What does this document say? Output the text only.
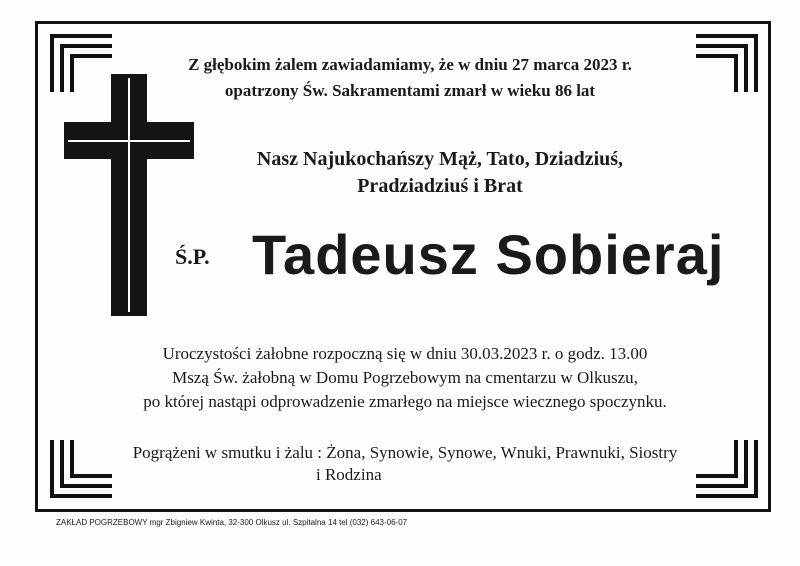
Z głębokim żalem zawiadamiamy, że w dniu 27 marca 2023 r.
opatrzony Św. Sakramentami zmarł w wieku 86 lat
Nasz Najukochańszy Mąż, Tato, Dziadziuś,
Pradziadziuś i Brat
Ś.P. Tadeusz Sobieraj
Uroczystości żałobne rozpoczną się w dniu 30.03.2023 r. o godz. 13.00
Mszą Św. żałobną w Domu Pogrzebowym na cmentarzu w Olkuszu,
po której nastąpi odprowadzenie zmarłego na miejsce wiecznego spoczynku.
Pogrążeni w smutku i żalu : Żona, Synowie, Synowe, Wnuki, Prawnuki, Siostry
i Rodzina
ZAKŁAD POGRZEBOWY mgr Zbigniew Kwinta, 32-300 Olkusz ul. Szpitalna 14 tel (032) 643-06-07
